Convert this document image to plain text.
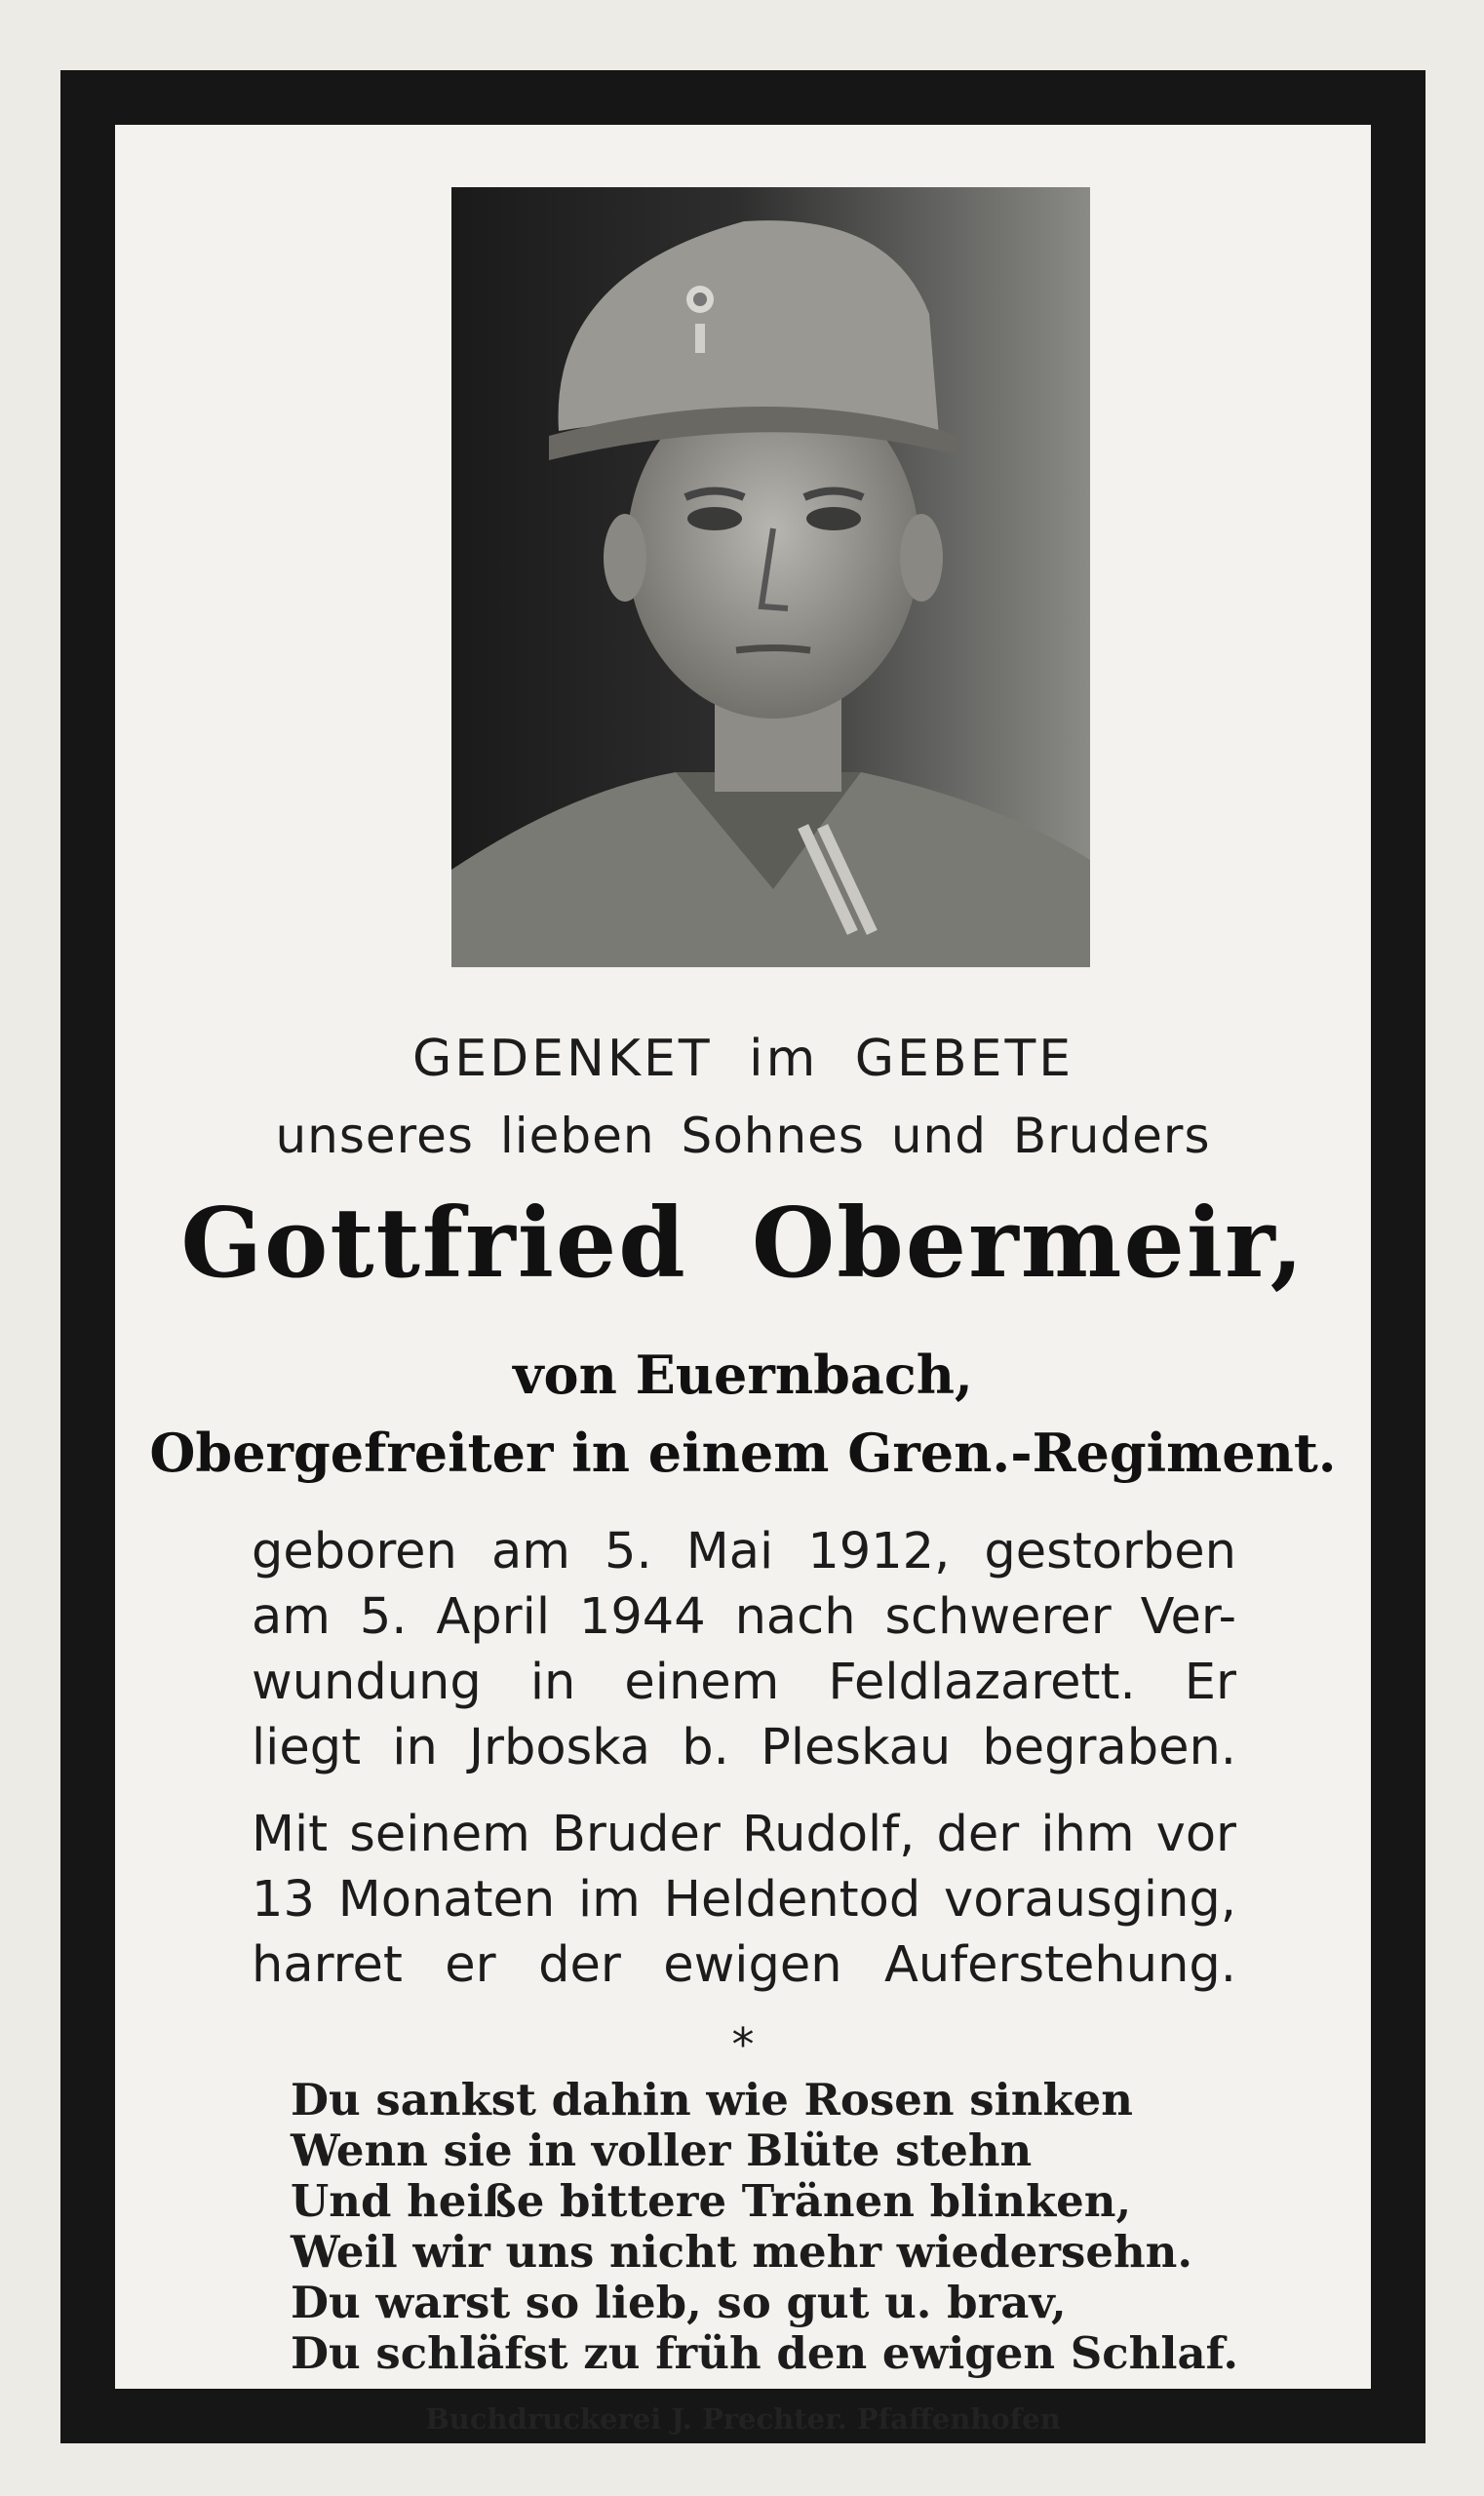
GEDENKET im GEBETE
unseres lieben Sohnes und Bruders
Gottfried Obermeir,
von Euernbach,
Obergefreiter in einem Gren.-Regiment.
geboren am 5. Mai 1912, gestorben
am 5. April 1944 nach schwerer Ver-
wundung in einem Feldlazarett. Er
liegt in Jrboska b. Pleskau begraben.
Mit seinem Bruder Rudolf, der ihm vor
13 Monaten im Heldentod vorausging,
harret er der ewigen Auferstehung.
*
Du sankst dahin wie Rosen sinken
Wenn sie in voller Blüte stehn
Und heiße bittere Tränen blinken,
Weil wir uns nicht mehr wiedersehn.
Du warst so lieb, so gut u. brav,
Du schläfst zu früh den ewigen Schlaf.
Buchdruckerei J. Prechter. Pfaffenhofen
